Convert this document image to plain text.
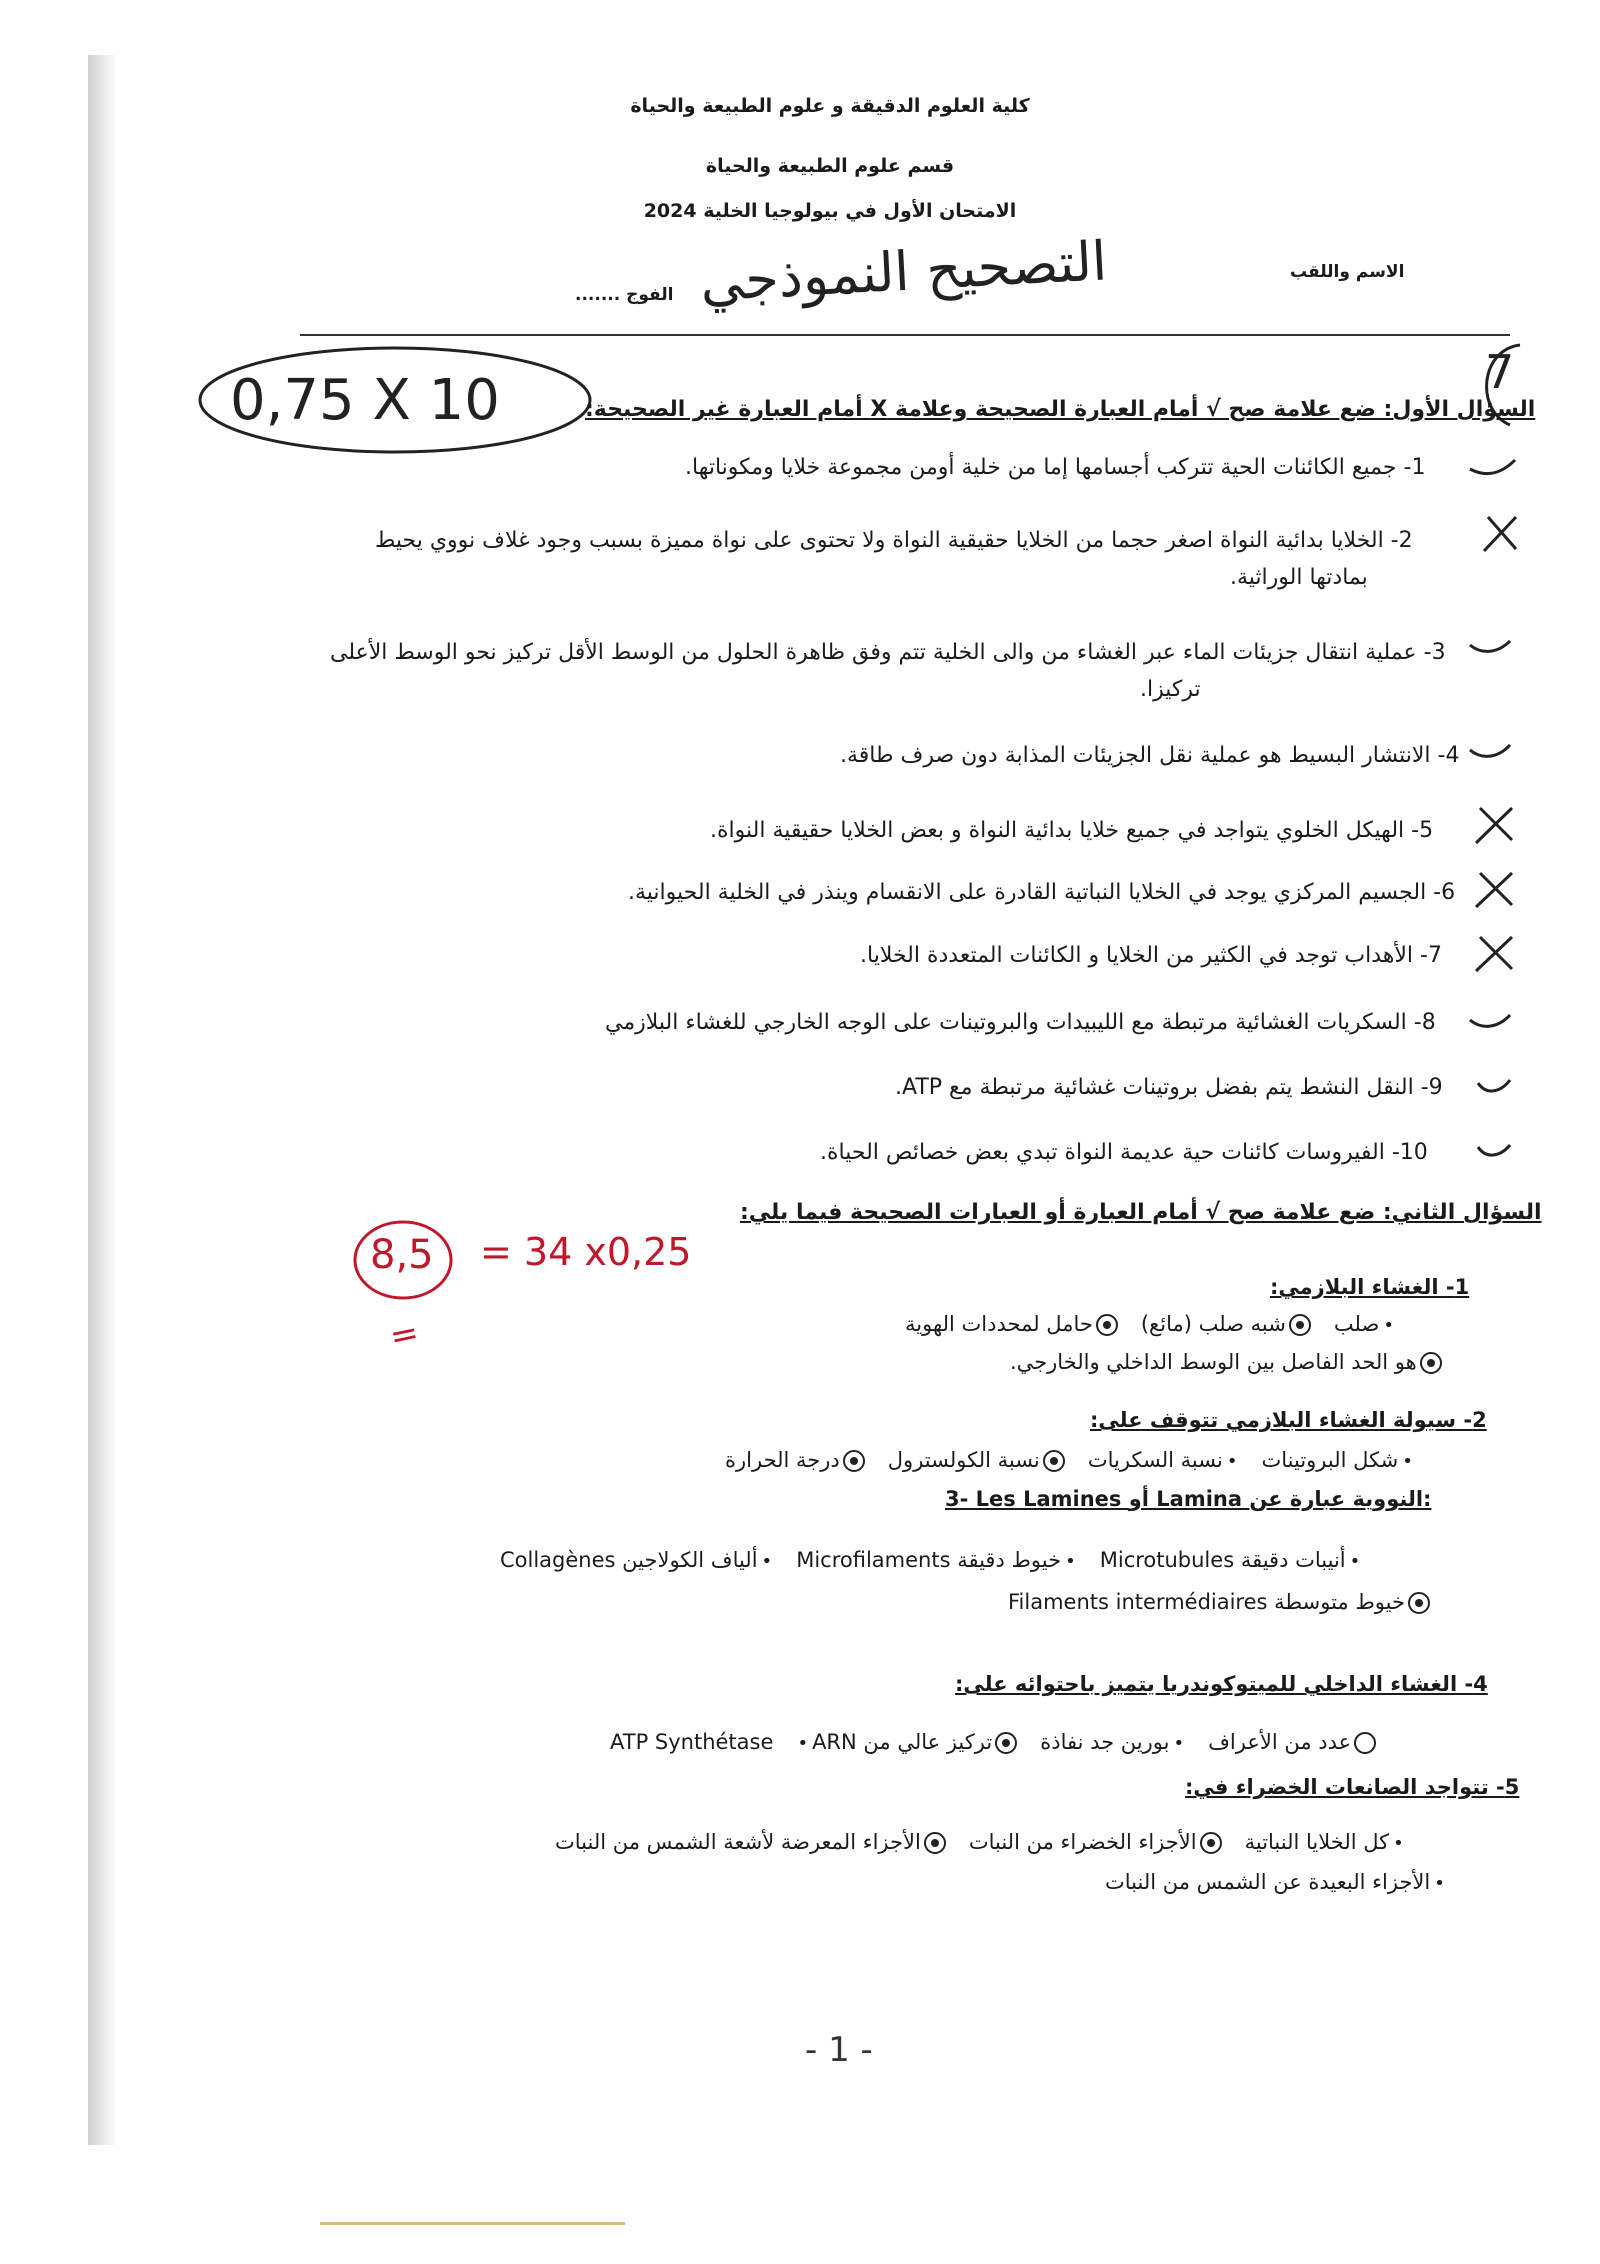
كلية العلوم الدقيقة و علوم الطبيعة والحياة
قسم علوم الطبيعة والحياة
الامتحان الأول في بيولوجيا الخلية 2024
الاسم واللقب
الفوج ....... التصحيح النموذجي
0,75 X 10	7
السؤال الأول: ضع علامة صح √ أمام العبارة الصحيحة وعلامة X أمام العبارة غير الصحيحة:
1- جميع الكائنات الحية تتركب أجسامها إما من خلية أومن مجموعة خلايا ومكوناتها.
2- الخلايا بدائية النواة اصغر حجما من الخلايا حقيقية النواة ولا تحتوى على نواة مميزة بسبب وجود غلاف نووي يحيط
بمادتها الوراثية.
3- عملية انتقال جزيئات الماء عبر الغشاء من والى الخلية تتم وفق ظاهرة الحلول من الوسط الأقل تركيز نحو الوسط الأعلى
تركيزا.
4- الانتشار البسيط هو عملية نقل الجزيئات المذابة دون صرف طاقة.
5- الهيكل الخلوي يتواجد في جميع خلايا بدائية النواة و بعض الخلايا حقيقية النواة.
6- الجسيم المركزي يوجد في الخلايا النباتية القادرة على الانقسام وينذر في الخلية الحيوانية.
7- الأهداب توجد في الكثير من الخلايا و الكائنات المتعددة الخلايا.
8- السكريات الغشائية مرتبطة مع الليبيدات والبروتينات على الوجه الخارجي للغشاء البلازمي
9- النقل النشط يتم بفضل بروتينات غشائية مرتبطة مع ATP.
10- الفيروسات كائنات حية عديمة النواة تبدي بعض خصائص الحياة.
السؤال الثاني: ضع علامة صح √ أمام العبارة أو العبارات الصحيحة فيما يلي:
8,5 = 34 x0,25
=
1- الغشاء البلازمي:
•صلب   شبه صلب (مائع)   حامل لمحددات الهوية
هو الحد الفاصل بين الوسط الداخلي والخارجي.
2- سيولة الغشاء البلازمي تتوقف على:
•شكل البروتينات   •نسبة السكريات   نسبة الكولسترول   درجة الحرارة
3- Les Lamines أو Lamina النووية عبارة عن:
•أنيبات دقيقة Microtubules   •خيوط دقيقة Microfilaments   •ألياف الكولاجين Collagènes
خيوط متوسطة Filaments intermédiaires
4- الغشاء الداخلي للميتوكوندريا يتميز باحتوائه على:
عدد من الأعراف   •بورين جد نفاذة   تركيز عالي من ATP Synthétase   • ARN
5- تتواجد الصانعات الخضراء في:
•كل الخلايا النباتية   الأجزاء الخضراء من النبات   الأجزاء المعرضة لأشعة الشمس من النبات
•الأجزاء البعيدة عن الشمس من النبات
- 1 -
